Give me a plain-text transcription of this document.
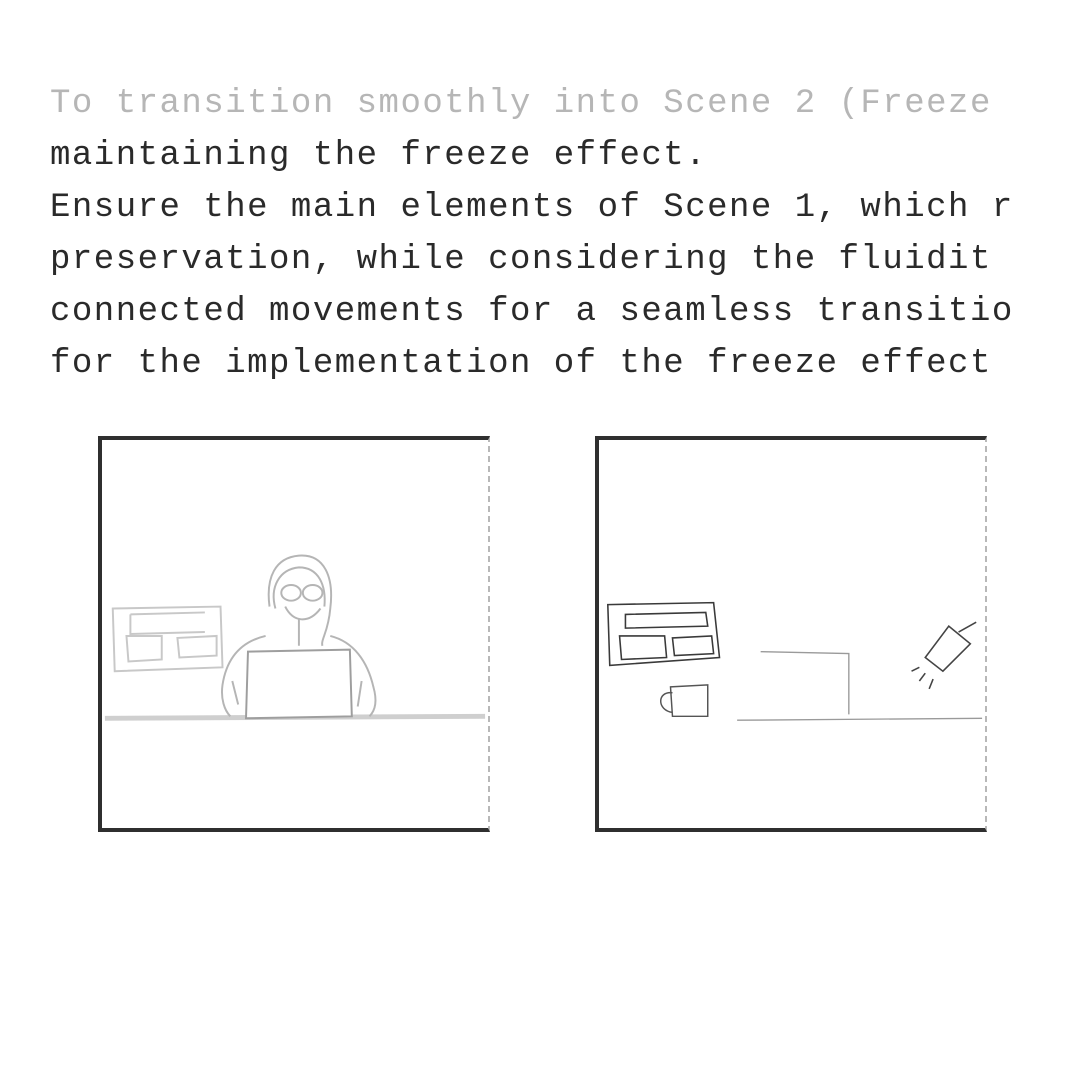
To transition smoothly into Scene 2 (Freeze
maintaining the freeze effect.
Ensure the main elements of Scene 1, which r
preservation, while considering the fluidit
connected movements for a seamless transitio
for the implementation of the freeze effect
